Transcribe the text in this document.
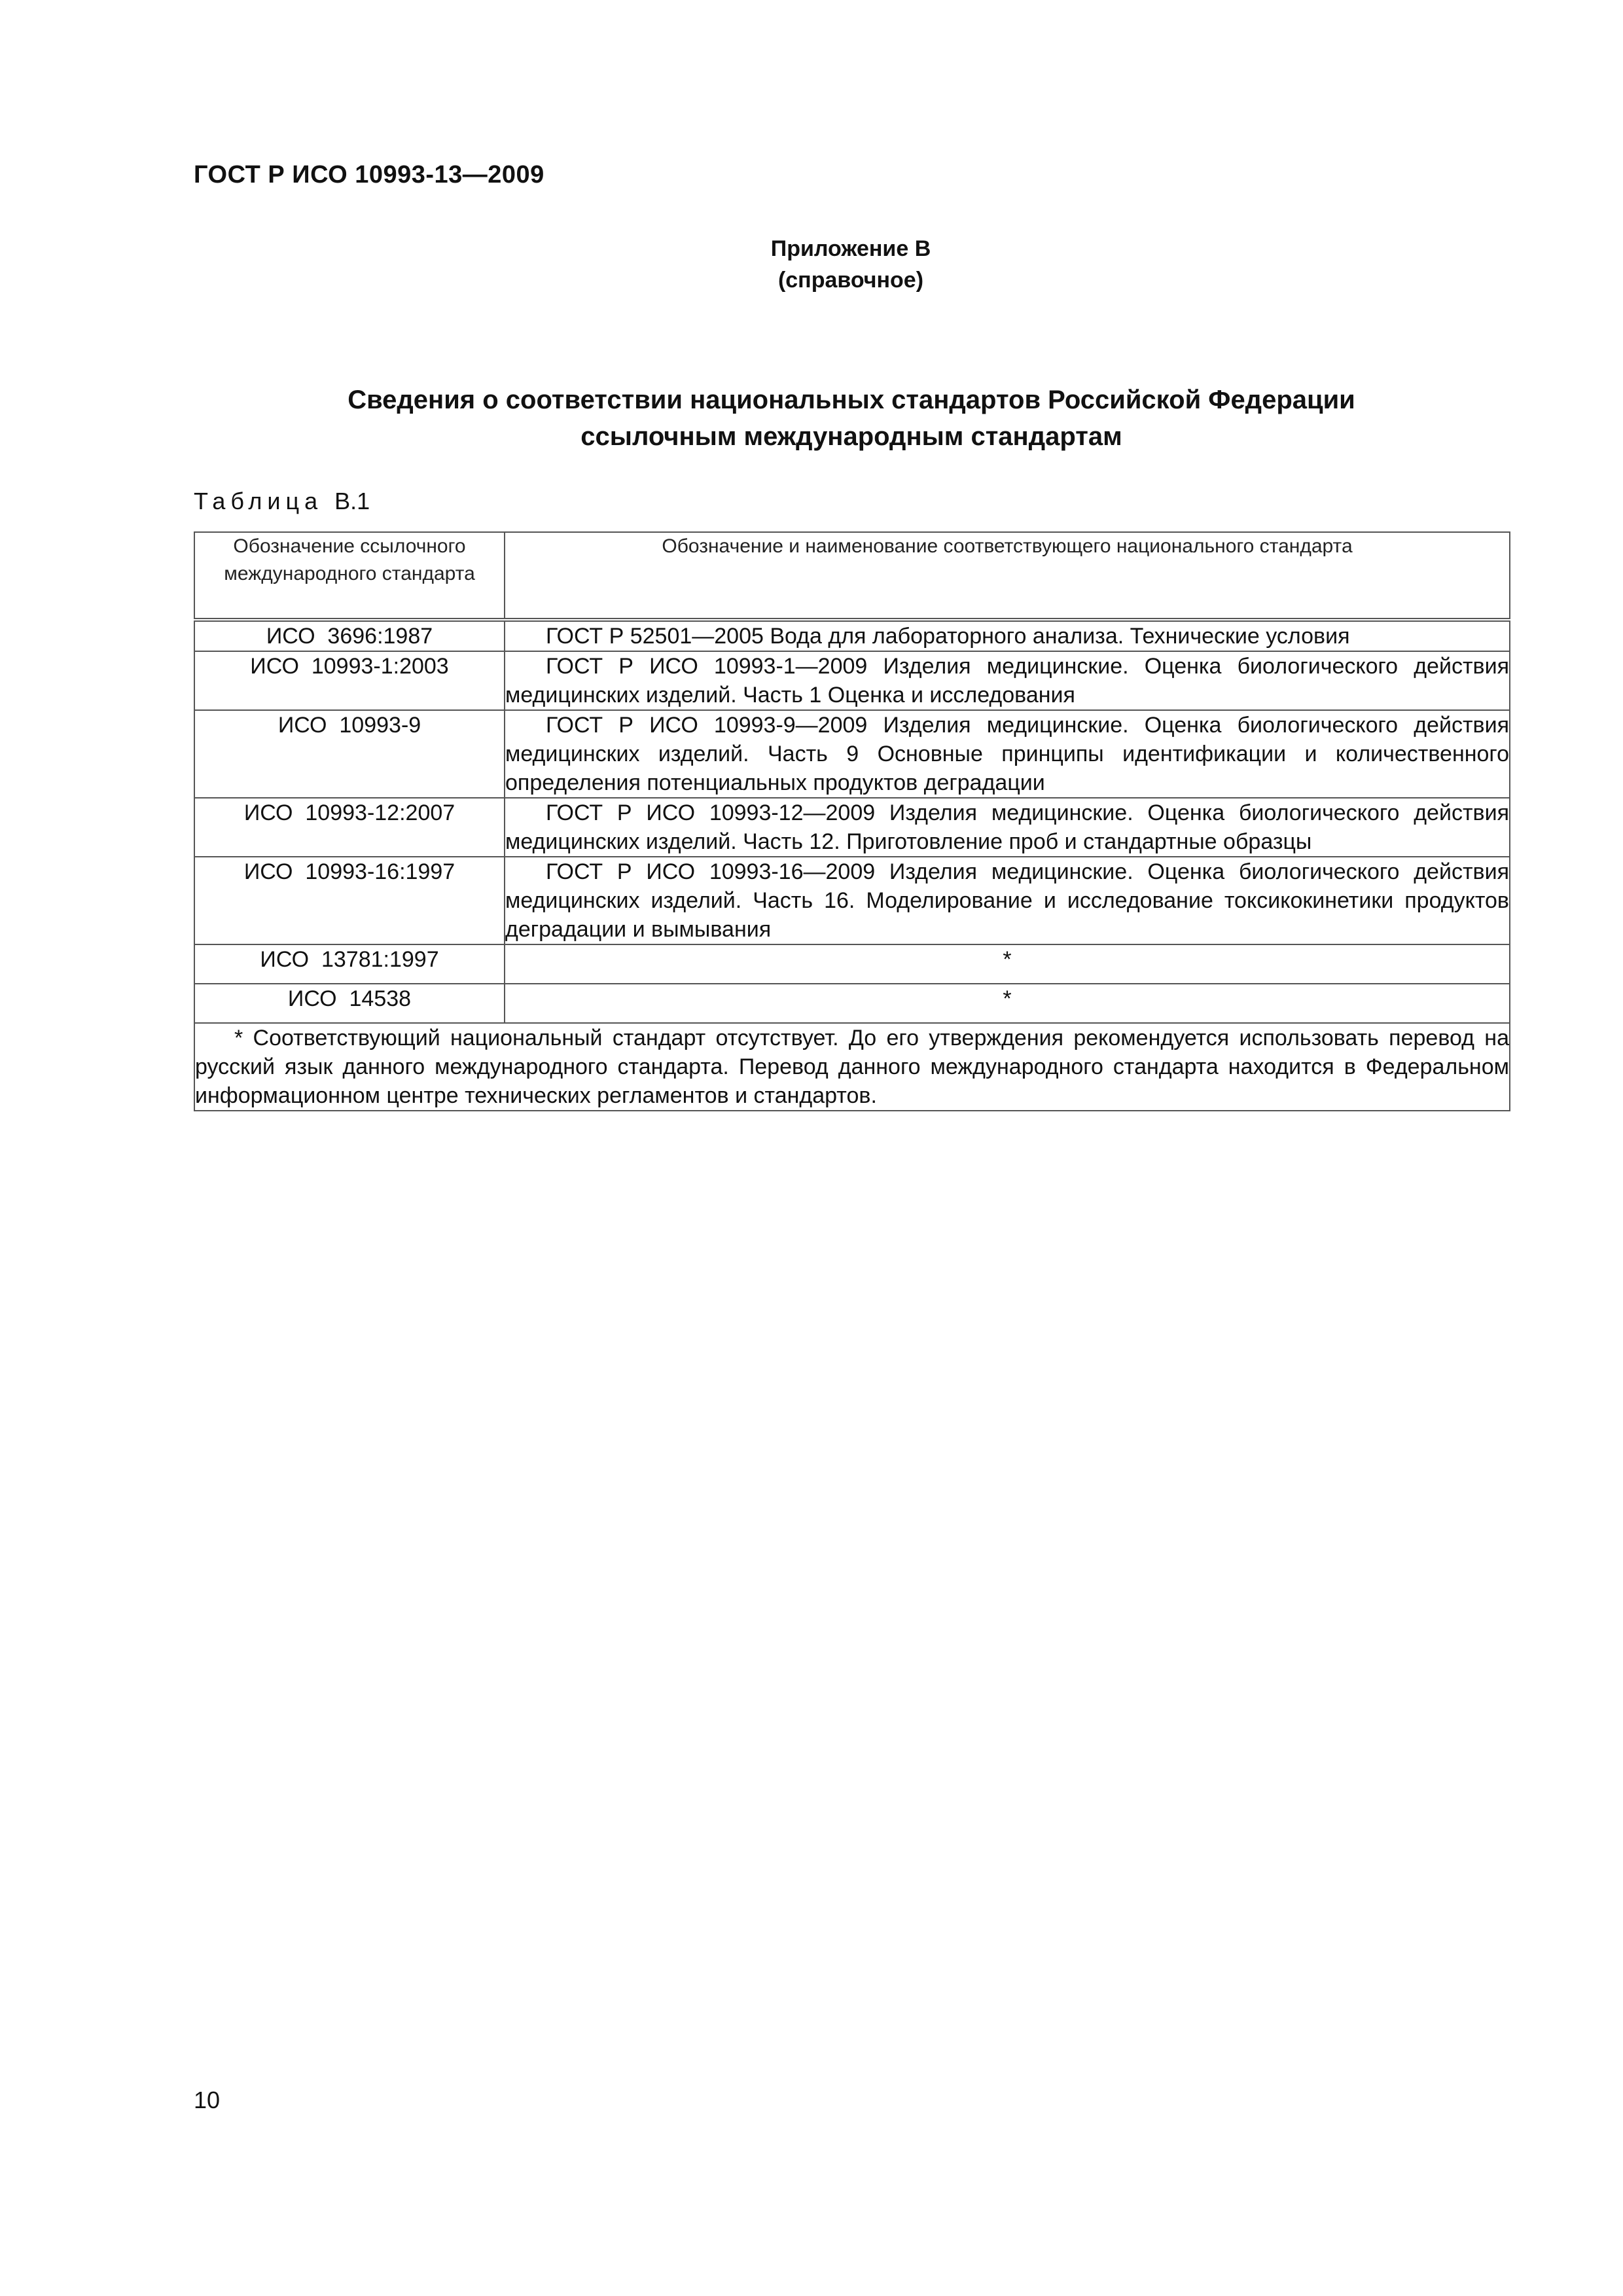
ГОСТ Р ИСО 10993-13—2009
Приложение В
(справочное)
Сведения о соответствии национальных стандартов Российской Федерации
ссылочным международным стандартам
Таблица В.1
Обозначение ссылочного международного стандарта	Обозначение и наименование соответствующего национального стандарта
ИСО  3696:1987	ГОСТ Р 52501—2005 Вода для лабораторного анализа. Технические условия
ИСО  10993-1:2003	ГОСТ Р ИСО 10993-1—2009 Изделия медицинские. Оценка биологического действия медицинских изделий. Часть 1 Оценка и исследования
ИСО  10993-9	ГОСТ Р ИСО 10993-9—2009 Изделия медицинские. Оценка биологического действия медицинских изделий. Часть 9 Основные принципы идентификации и количественного определения потенциальных продуктов деградации
ИСО  10993-12:2007	ГОСТ Р ИСО 10993-12—2009 Изделия медицинские. Оценка биологического действия медицинских изделий. Часть 12. Приготовление проб и стандартные образцы
ИСО  10993-16:1997	ГОСТ Р ИСО 10993-16—2009 Изделия медицинские. Оценка биологического действия медицинских изделий. Часть 16. Моделирование и исследование токсикокинетики продуктов деградации и вымывания
ИСО  13781:1997	*
ИСО  14538	*
* Соответствующий национальный стандарт отсутствует. До его утверждения рекомендуется использовать перевод на русский язык данного международного стандарта. Перевод данного международного стандарта находится в Федеральном информационном центре технических регламентов и стандартов.	
10
